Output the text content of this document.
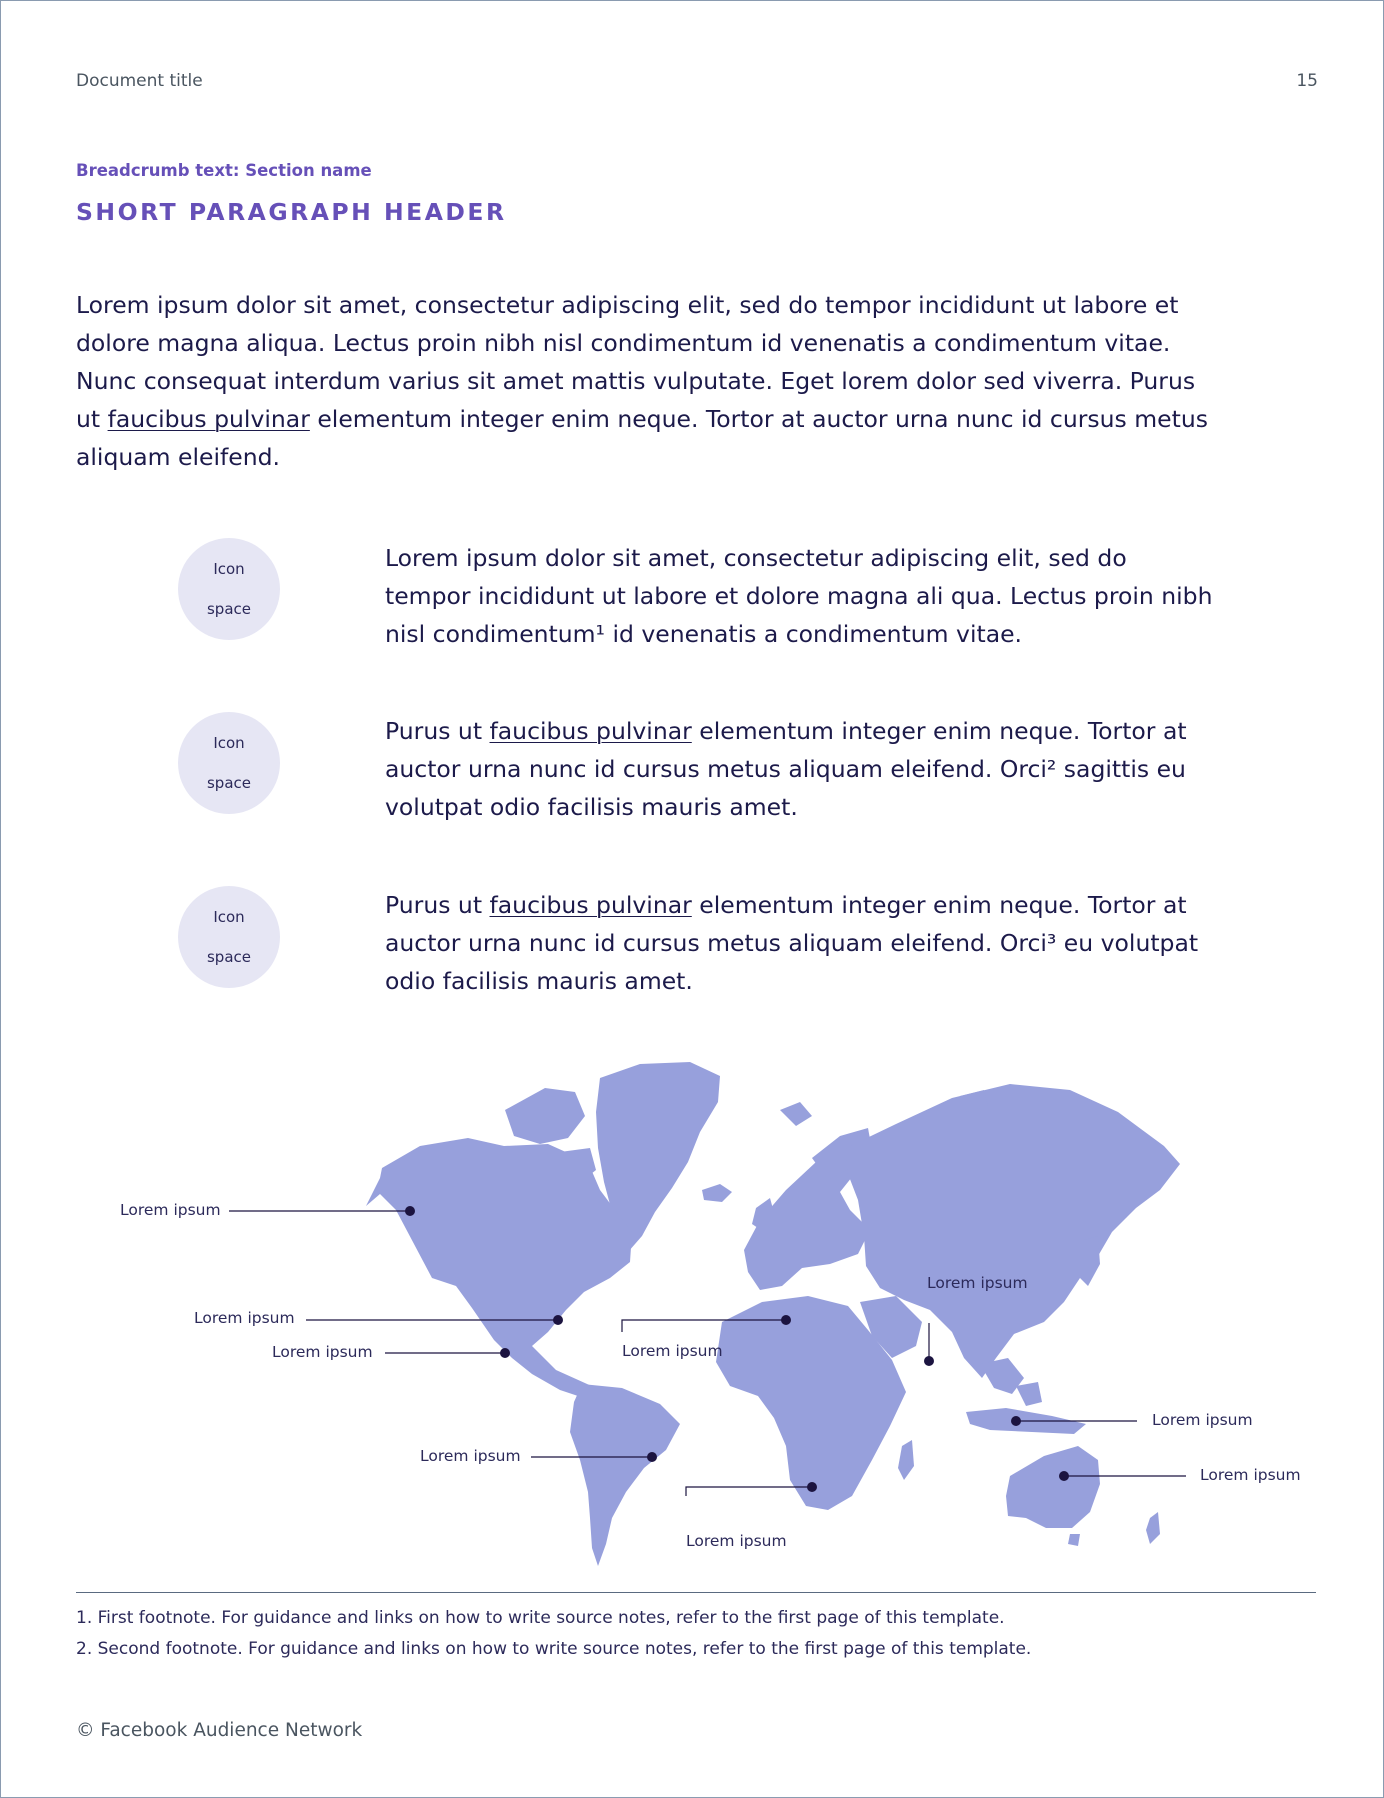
Document title	15
Breadcrumb text: Section name
SHORT PARAGRAPH HEADER

Lorem ipsum dolor sit amet, consectetur adipiscing elit, sed do tempor incididunt ut labore et dolore magna aliqua. Lectus proin nibh nisl condimentum id venenatis a condimentum vitae. Nunc consequat interdum varius sit amet mattis vulputate. Eget lorem dolor sed viverra. Purus ut faucibus pulvinar elementum integer enim neque. Tortor at auctor urna nunc id cursus metus aliquam eleifend.

Icon

space

Lorem ipsum dolor sit amet, consectetur adipiscing elit, sed do tempor incididunt ut labore et dolore magna ali qua. Lectus proin nibh nisl condimentum¹ id venenatis a condimentum vitae.

Icon

space

Purus ut faucibus pulvinar elementum integer enim neque. Tortor at auctor urna nunc id cursus metus aliquam eleifend. Orci² sagittis eu volutpat odio facilisis mauris amet.

Icon

space

Purus ut faucibus pulvinar elementum integer enim neque. Tortor at auctor urna nunc id cursus metus aliquam eleifend. Orci³ eu volutpat odio facilisis mauris amet.

Lorem ipsum
Lorem ipsum
Lorem ipsum
Lorem ipsum
Lorem ipsum
Lorem ipsum
Lorem ipsum
Lorem ipsum
Lorem ipsum
1. First footnote. For guidance and links on how to write source notes, refer to the first page of this template.
2. Second footnote. For guidance and links on how to write source notes, refer to the first page of this template.
© Facebook Audience Network
